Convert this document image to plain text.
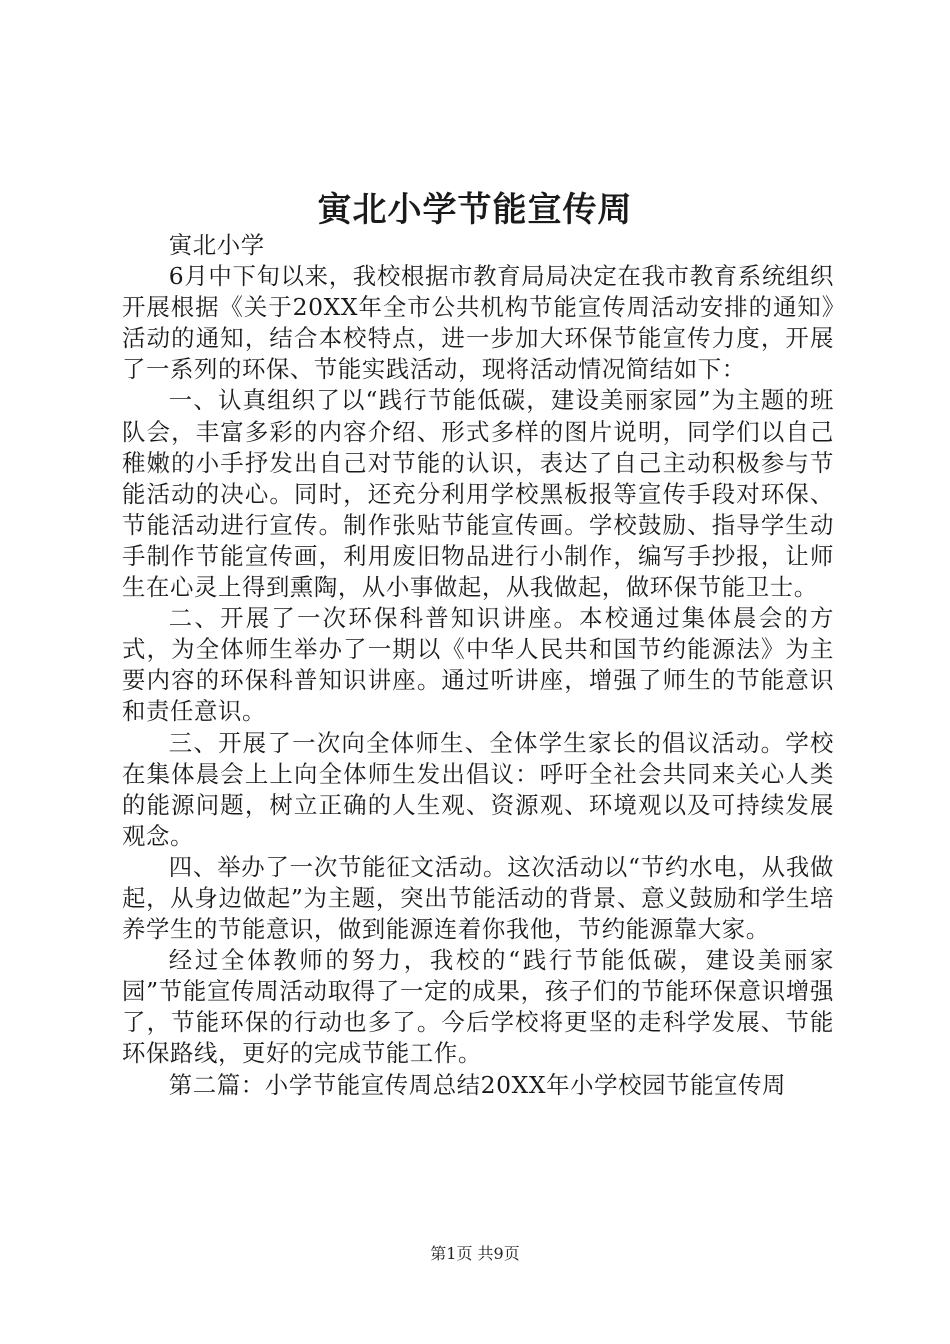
寅北小学节能宣传周

寅北小学

6月中下旬以来，我校根据市教育局局决定在我市教育系统组织开展根据《关于20XX年全市公共机构节能宣传周活动安排的通知》活动的通知，结合本校特点，进一步加大环保节能宣传力度，开展了一系列的环保、节能实践活动，现将活动情况简结如下：

一、认真组织了以“践行节能低碳，建设美丽家园”为主题的班队会，丰富多彩的内容介绍、形式多样的图片说明，同学们以自己稚嫩的小手抒发出自己对节能的认识，表达了自己主动积极参与节能活动的决心。同时，还充分利用学校黑板报等宣传手段对环保、节能活动进行宣传。制作张贴节能宣传画。学校鼓励、指导学生动手制作节能宣传画，利用废旧物品进行小制作，编写手抄报，让师生在心灵上得到熏陶，从小事做起，从我做起，做环保节能卫士。

二、开展了一次环保科普知识讲座。本校通过集体晨会的方式，为全体师生举办了一期以《中华人民共和国节约能源法》为主要内容的环保科普知识讲座。通过听讲座，增强了师生的节能意识和责任意识。

三、开展了一次向全体师生、全体学生家长的倡议活动。学校在集体晨会上上向全体师生发出倡议：呼吁全社会共同来关心人类的能源问题，树立正确的人生观、资源观、环境观以及可持续发展观念。

四、举办了一次节能征文活动。这次活动以“节约水电，从我做起，从身边做起”为主题，突出节能活动的背景、意义鼓励和学生培养学生的节能意识，做到能源连着你我他，节约能源靠大家。

经过全体教师的努力，我校的“践行节能低碳，建设美丽家园”节能宣传周活动取得了一定的成果，孩子们的节能环保意识增强了，节能环保的行动也多了。今后学校将更坚的走科学发展、节能环保路线，更好的完成节能工作。

第二篇：小学节能宣传周总结20XX年小学校园节能宣传周

第1页 共9页
